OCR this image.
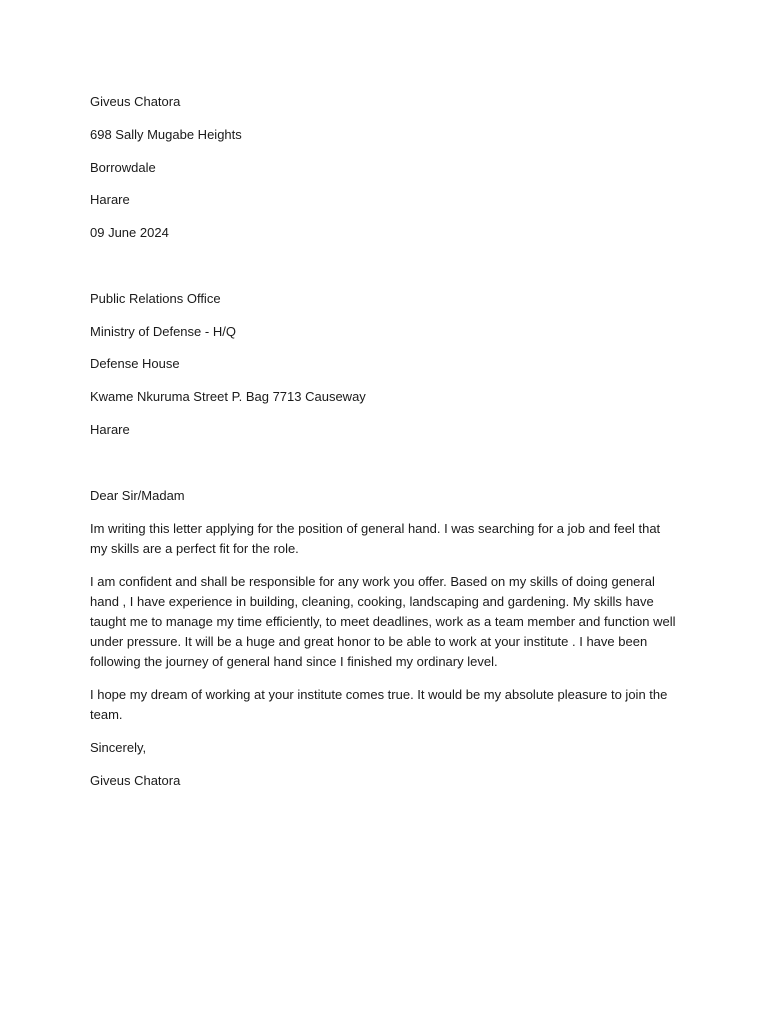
Giveus Chatora
698 Sally Mugabe Heights
Borrowdale
Harare
09 June 2024
Public Relations Office
Ministry of Defense - H/Q
Defense House
Kwame Nkuruma Street P. Bag 7713 Causeway
Harare
Dear Sir/Madam
Im writing this letter applying for the position of general hand. I was searching for a job and feel that my skills are a perfect fit for the role.
I am confident and shall be responsible for any work you offer. Based on my skills of doing general hand , I have experience in building, cleaning, cooking, landscaping and gardening. My skills have taught me to manage my time efficiently, to meet deadlines, work as a team member and function well under pressure. It will be a huge and great honor to be able to work at your institute . I have been following the journey of general hand since I finished my ordinary level.
I hope my dream of working at your institute comes true. It would be my absolute pleasure to join the team.
Sincerely,
Giveus Chatora
